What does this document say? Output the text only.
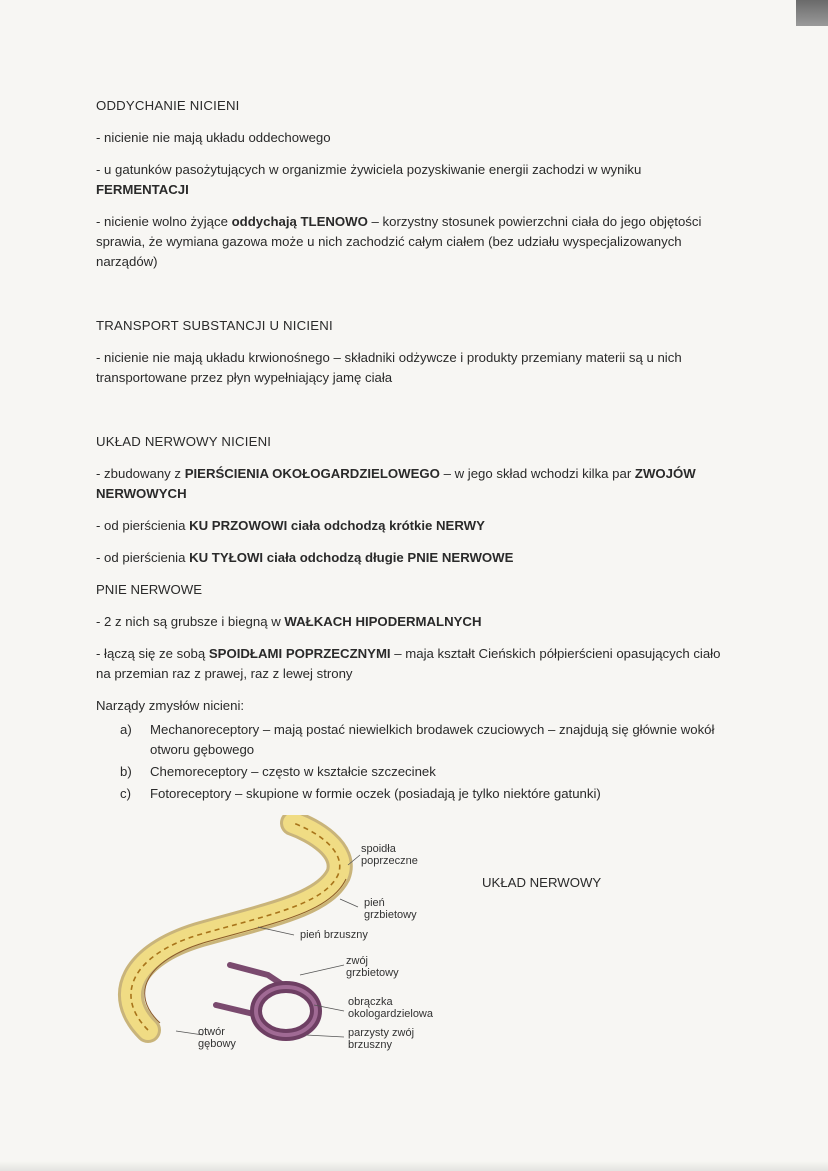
ODDYCHANIE NICIENI

- nicienie nie mają układu oddechowego

- u gatunków pasożytujących w organizmie żywiciela pozyskiwanie energii zachodzi w wyniku
FERMENTACJI

- nicienie wolno żyjące oddychają TLENOWO – korzystny stosunek powierzchni ciała do jego objętości sprawia, że wymiana gazowa może u nich zachodzić całym ciałem (bez udziału wyspecjalizowanych narządów)

TRANSPORT SUBSTANCJI U NICIENI

- nicienie nie mają układu krwionośnego – składniki odżywcze i produkty przemiany materii są u nich transportowane przez płyn wypełniający jamę ciała

UKŁAD NERWOWY NICIENI

- zbudowany z PIERŚCIENIA OKOŁOGARDZIELOWEGO – w jego skład wchodzi kilka par ZWOJÓW NERWOWYCH

- od pierścienia KU PRZOWOWI ciała odchodzą krótkie NERWY

- od pierścienia KU TYŁOWI ciała odchodzą długie PNIE NERWOWE

PNIE NERWOWE

- 2 z nich są grubsze i biegną w WAŁKACH HIPODERMALNYCH

- łączą się ze sobą SPOIDŁAMI POPRZECZNYMI – maja kształt Cieńskich półpierścieni opasujących ciało na przemian raz z prawej, raz z lewej strony

Narządy zmysłów nicieni:

a) Mechanoreceptory – mają postać niewielkich brodawek czuciowych – znajdują się głównie wokół otworu gębowego
b) Chemoreceptory – często w kształcie szczecinek
c) Fotoreceptory – skupione w formie oczek (posiadają je tylko niektóre gatunki)
spoidła
poprzeczne
pień
grzbietowy
pień brzuszny
zwój
grzbietowy
obrączka
okologardzielowa
otwór
gębowy
parzysty zwój
brzuszny
UKŁAD NERWOWY
